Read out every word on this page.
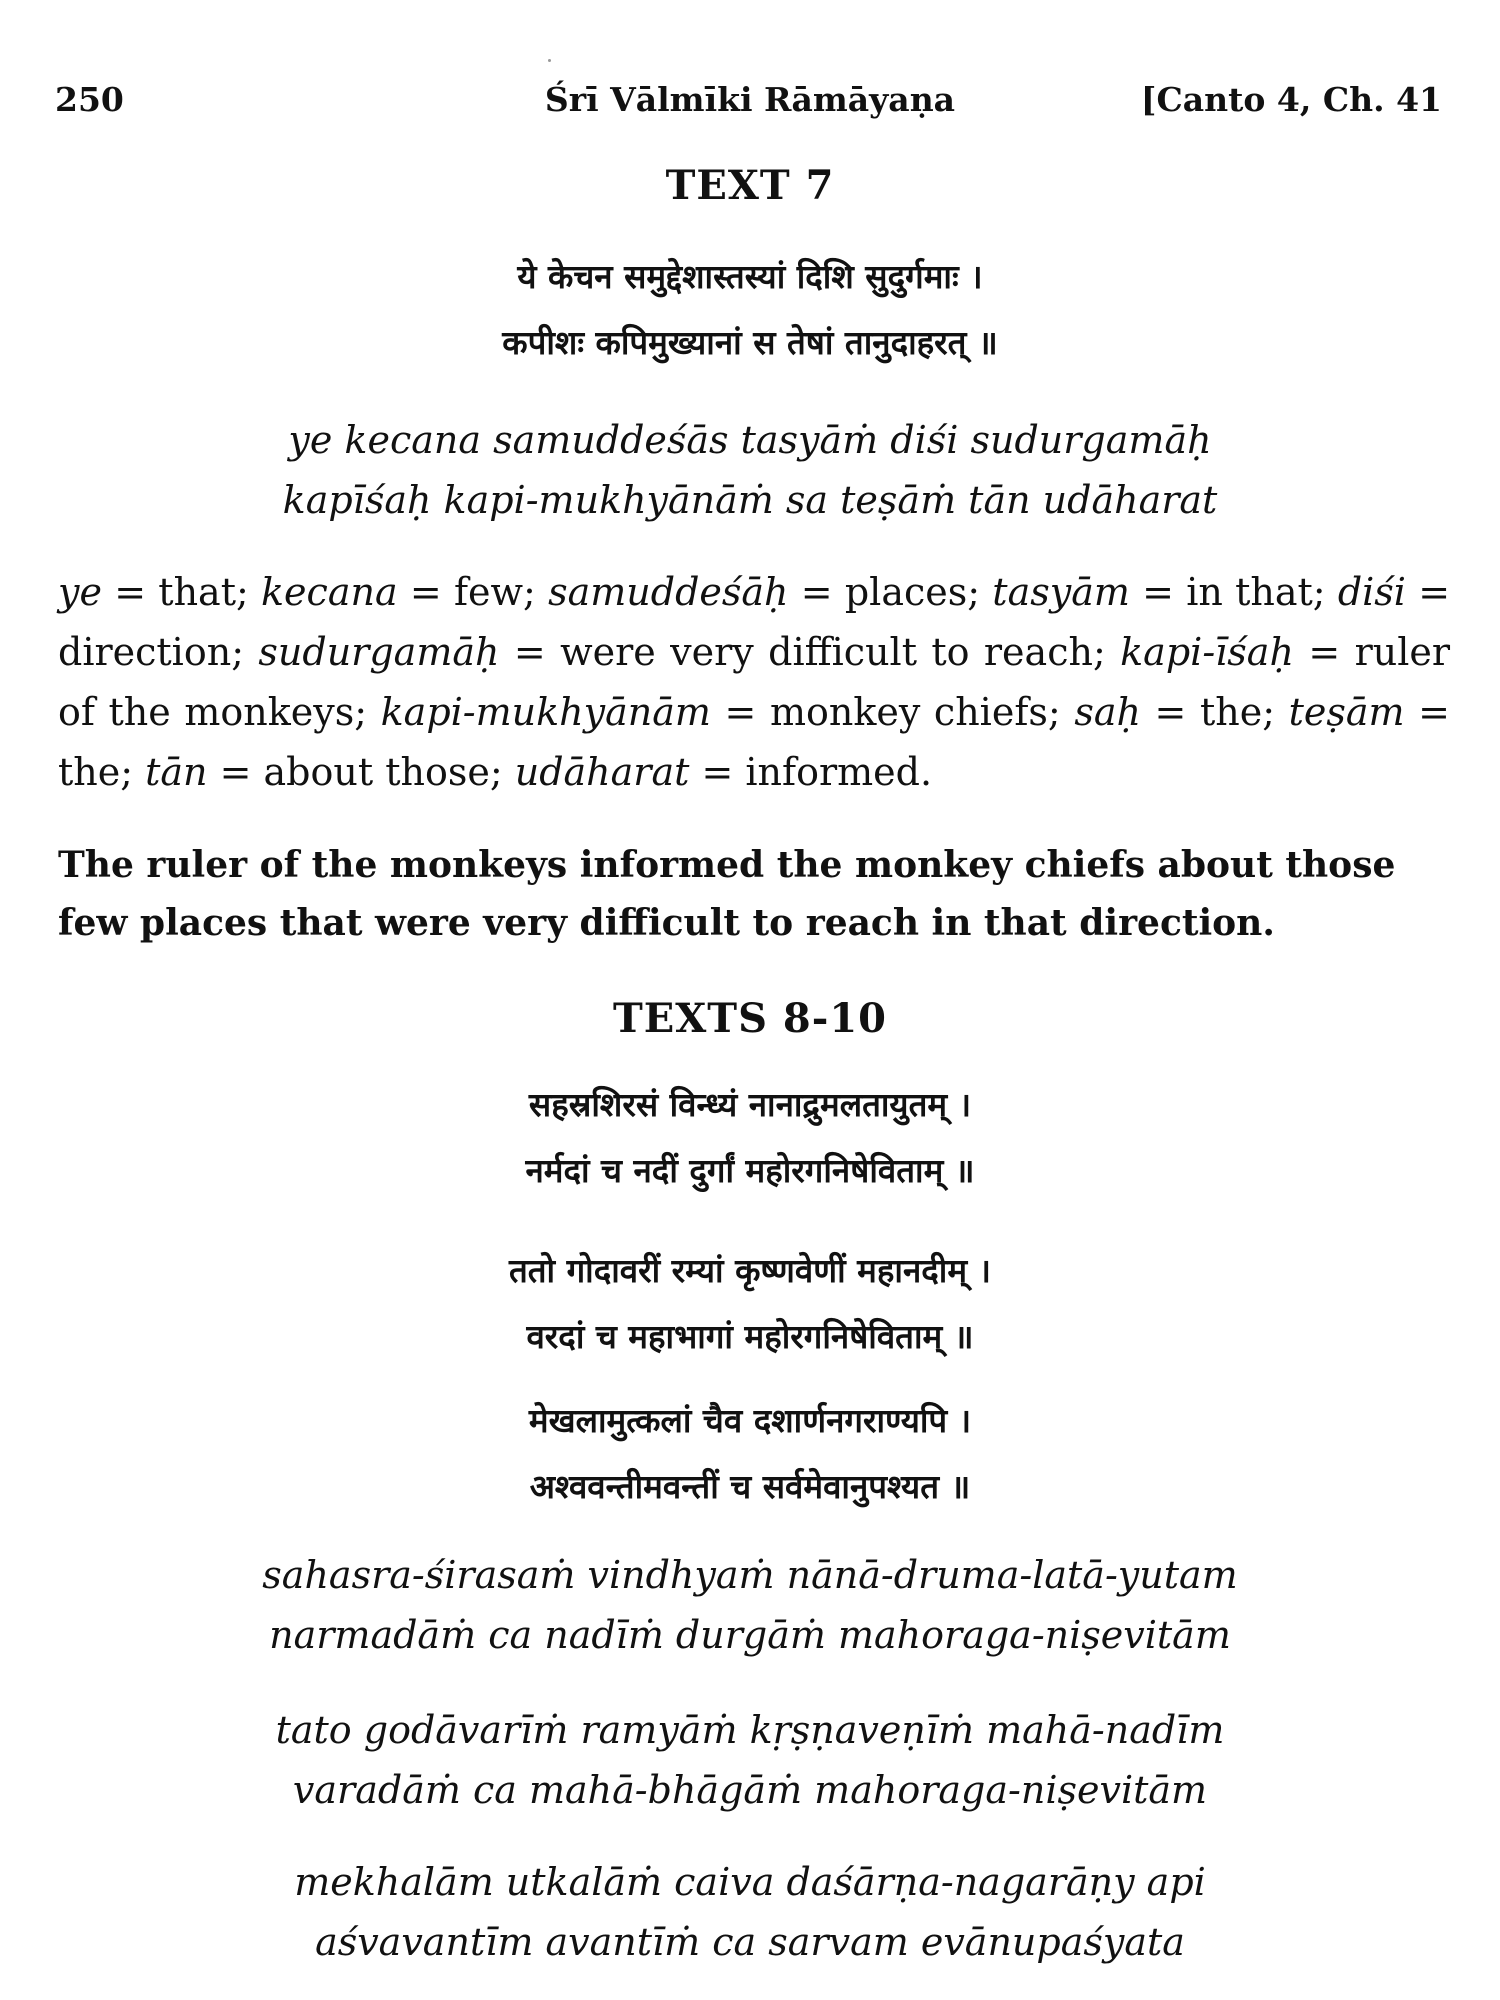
250	Śrī Vālmīki Rāmāyaṇa	[Canto 4, Ch. 41
TEXT 7
ये केचन समुद्देशास्तस्यां दिशि सुदुर्गमाः ।
कपीशः कपिमुख्यानां स तेषां तानुदाहरत् ॥
ye kecana samuddeśās tasyāṁ diśi sudurgamāḥ
kapīśaḥ kapi-mukhyānāṁ sa teṣāṁ tān udāharat
ye = that; kecana = few; samuddeśāḥ = places; tasyām = in that; diśi = direction; sudurgamāḥ = were very difficult to reach; kapi-īśaḥ = ruler of the monkeys; kapi-mukhyānām = monkey chiefs; saḥ = the; teṣām = the; tān = about those; udāharat = informed.
The ruler of the monkeys informed the monkey chiefs about those
few places that were very difficult to reach in that direction.
TEXTS 8-10
सहस्रशिरसं विन्ध्यं नानाद्रुमलतायुतम् ।
नर्मदां च नदीं दुर्गां महोरगनिषेविताम् ॥
ततो गोदावरीं रम्यां कृष्णवेणीं महानदीम् ।
वरदां च महाभागां महोरगनिषेविताम् ॥
मेखलामुत्कलां चैव दशार्णनगराण्यपि ।
अश्ववन्तीमवन्तीं च सर्वमेवानुपश्यत ॥
sahasra-śirasaṁ vindhyaṁ nānā-druma-latā-yutam
narmadāṁ ca nadīṁ durgāṁ mahoraga-niṣevitām
tato godāvarīṁ ramyāṁ kṛṣṇaveṇīṁ mahā-nadīm
varadāṁ ca mahā-bhāgāṁ mahoraga-niṣevitām
mekhalām utkalāṁ caiva daśārṇa-nagarāṇy api
aśvavantīm avantīṁ ca sarvam evānupaśyata
